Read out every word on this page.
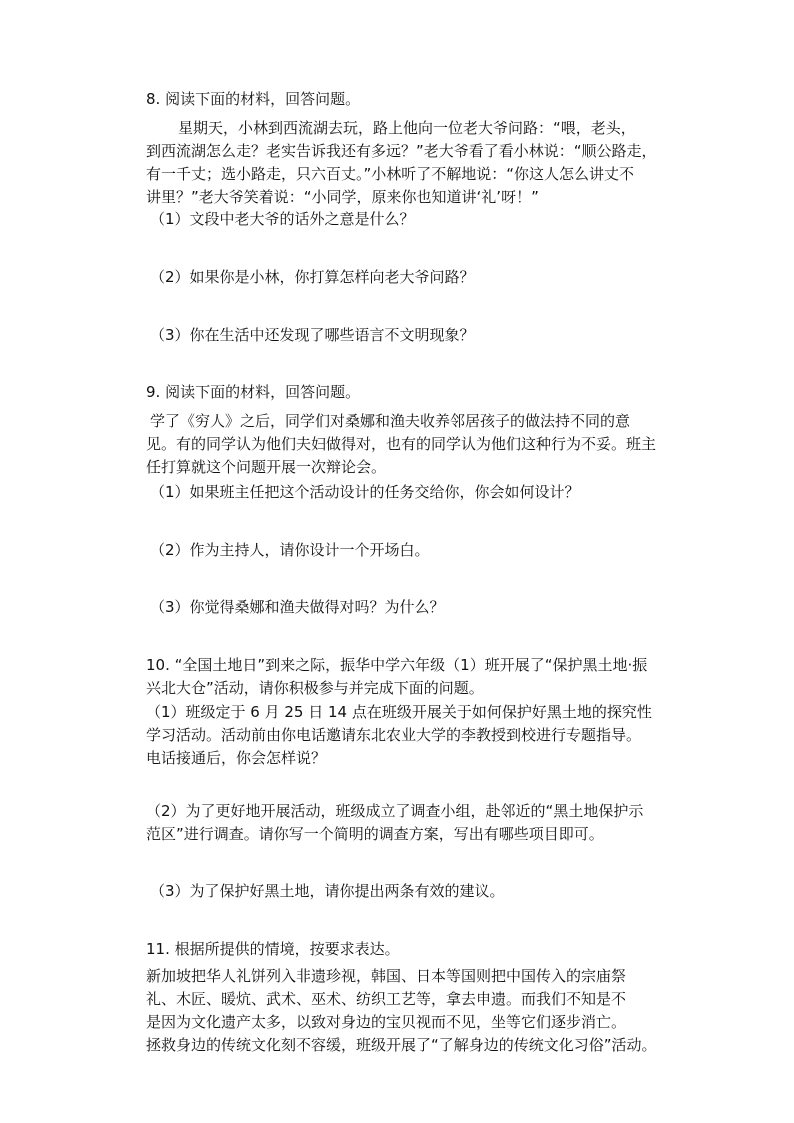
8. 阅读下面的材料，回答问题。
星期天，小林到西流湖去玩，路上他向一位老大爷问路：“喂，老头，
到西流湖怎么走？老实告诉我还有多远？”老大爷看了看小林说：“顺公路走，
有一千丈；选小路走，只六百丈。”小林听了不解地说：“你这人怎么讲丈不
讲里？”老大爷笑着说：“小同学，原来你也知道讲‘礼’呀！”
（1）文段中老大爷的话外之意是什么？
（2）如果你是小林，你打算怎样向老大爷问路？
（3）你在生活中还发现了哪些语言不文明现象？
9. 阅读下面的材料，回答问题。
学了《穷人》之后，同学们对桑娜和渔夫收养邻居孩子的做法持不同的意
见。有的同学认为他们夫妇做得对，也有的同学认为他们这种行为不妥。班主
任打算就这个问题开展一次辩论会。
（1）如果班主任把这个活动设计的任务交给你，你会如何设计？
（2）作为主持人，请你设计一个开场白。
（3）你觉得桑娜和渔夫做得对吗？为什么？
10. “全国土地日”到来之际，振华中学六年级（1）班开展了“保护黑土地·振
兴北大仓”活动，请你积极参与并完成下面的问题。
（1）班级定于 6 月 25 日 14 点在班级开展关于如何保护好黑土地的探究性
学习活动。活动前由你电话邀请东北农业大学的李教授到校进行专题指导。
电话接通后，你会怎样说？
（2）为了更好地开展活动，班级成立了调查小组，赴邻近的“黑土地保护示
范区”进行调查。请你写一个简明的调查方案，写出有哪些项目即可。
（3）为了保护好黑土地，请你提出两条有效的建议。
11. 根据所提供的情境，按要求表达。
新加坡把华人礼饼列入非遗珍视，韩国、日本等国则把中国传入的宗庙祭
礼、木匠、暖炕、武术、巫术、纺织工艺等，拿去申遗。而我们不知是不
是因为文化遗产太多，以致对身边的宝贝视而不见，坐等它们逐步消亡。
拯救身边的传统文化刻不容缓，班级开展了“了解身边的传统文化习俗”活动。
